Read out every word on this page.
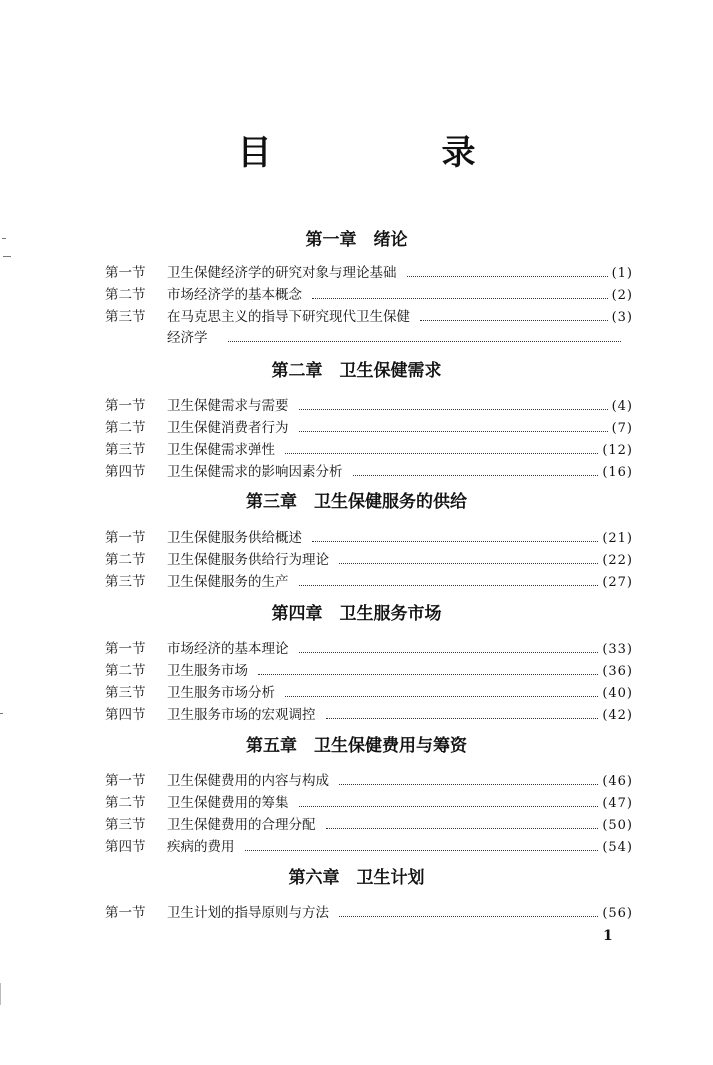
目　录
第一章　绪论
第一节	卫生保健经济学的研究对象与理论基础	(1)
第二节	市场经济学的基本概念	(2)
第三节	在马克思主义的指导下研究现代卫生保健	(3)
经济学
第二章　卫生保健需求
第一节	卫生保健需求与需要	(4)
第二节	卫生保健消费者行为	(7)
第三节	卫生保健需求弹性	(12)
第四节	卫生保健需求的影响因素分析	(16)
第三章　卫生保健服务的供给
第一节	卫生保健服务供给概述	(21)
第二节	卫生保健服务供给行为理论	(22)
第三节	卫生保健服务的生产	(27)
第四章　卫生服务市场
第一节	市场经济的基本理论	(33)
第二节	卫生服务市场	(36)
第三节	卫生服务市场分析	(40)
第四节	卫生服务市场的宏观调控	(42)
第五章　卫生保健费用与筹资
第一节	卫生保健费用的内容与构成	(46)
第二节	卫生保健费用的筹集	(47)
第三节	卫生保健费用的合理分配	(50)
第四节	疾病的费用	(54)
第六章　卫生计划
第一节	卫生计划的指导原则与方法	(56)
1
